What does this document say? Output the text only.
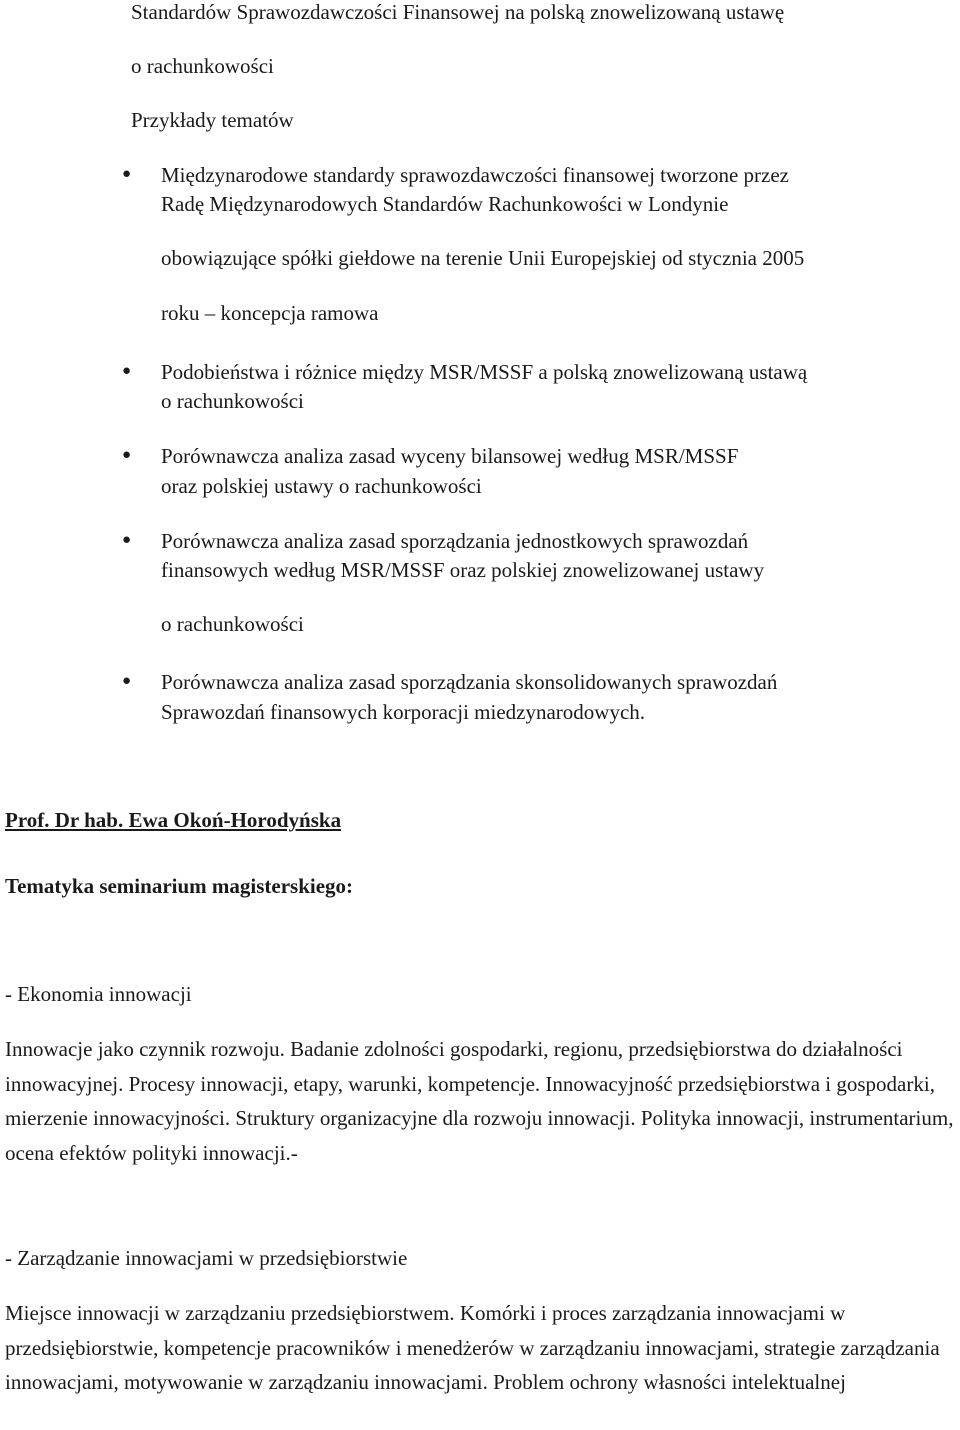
Standardów Sprawozdawczości Finansowej na polską znowelizowaną ustawę
o rachunkowości
Przykłady tematów
● Międzynarodowe standardy sprawozdawczości finansowej tworzone przez
Radę Międzynarodowych Standardów Rachunkowości w Londynie
obowiązujące spółki giełdowe na terenie Unii Europejskiej od stycznia 2005
roku – koncepcja ramowa
● Podobieństwa i różnice między MSR/MSSF a polską znowelizowaną ustawą
o rachunkowości
● Porównawcza analiza zasad wyceny bilansowej według MSR/MSSF
oraz polskiej ustawy o rachunkowości
● Porównawcza analiza zasad sporządzania jednostkowych sprawozdań
finansowych według MSR/MSSF oraz polskiej znowelizowanej ustawy
o rachunkowości
● Porównawcza analiza zasad sporządzania skonsolidowanych sprawozdań
Sprawozdań finansowych korporacji miedzynarodowych.
Prof. Dr hab. Ewa Okoń-Horodyńska
Tematyka seminarium magisterskiego:
- Ekonomia innowacji
Innowacje jako czynnik rozwoju. Badanie zdolności gospodarki, regionu, przedsiębiorstwa do działalności innowacyjnej. Procesy innowacji, etapy, warunki, kompetencje. Innowacyjność przedsiębiorstwa i gospodarki, mierzenie innowacyjności. Struktury organizacyjne dla rozwoju innowacji. Polityka innowacji, instrumentarium, ocena efektów polityki innowacji.-
- Zarządzanie innowacjami w przedsiębiorstwie
Miejsce innowacji w zarządzaniu przedsiębiorstwem. Komórki i proces zarządzania innowacjami w przedsiębiorstwie, kompetencje pracowników i menedżerów w zarządzaniu innowacjami, strategie zarządzania innowacjami, motywowanie w zarządzaniu innowacjami. Problem ochrony własności intelektualnej
